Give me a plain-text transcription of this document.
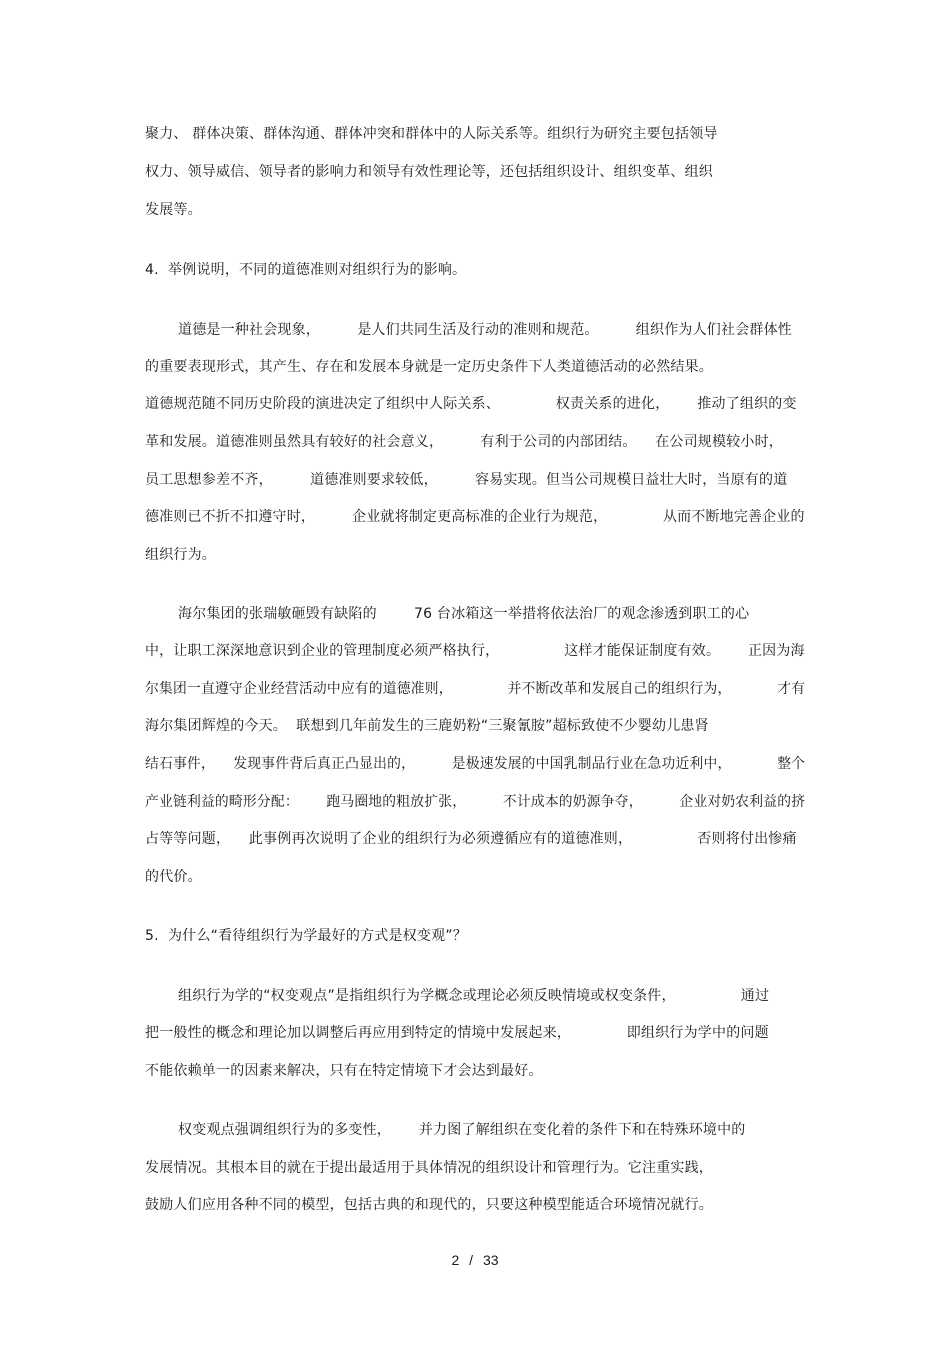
聚力、 群体决策、群体沟通、群体冲突和群体中的人际关系等。组织行为研究主要包括领导
权力、领导威信、领导者的影响力和领导有效性理论等，还包括组织设计、组织变革、组织
发展等。
4.  举例说明，不同的道德准则对组织行为的影响。
道德是一种社会现象，        是人们共同生活及行动的准则和规范。        组织作为人们社会群体性
的重要表现形式，其产生、存在和发展本身就是一定历史条件下人类道德活动的必然结果。
道德规范随不同历史阶段的演进决定了组织中人际关系、            权责关系的进化，      推动了组织的变
革和发展。道德准则虽然具有较好的社会意义，        有利于公司的内部团结。    在公司规模较小时，
员工思想参差不齐，        道德准则要求较低，        容易实现。但当公司规模日益壮大时，当原有的道
德准则已不折不扣遵守时，        企业就将制定更高标准的企业行为规范，            从而不断地完善企业的
组织行为。
海尔集团的张瑞敏砸毁有缺陷的        76 台冰箱这一举措将依法治厂的观念渗透到职工的心
中，让职工深深地意识到企业的管理制度必须严格执行，              这样才能保证制度有效。      正因为海
尔集团一直遵守企业经营活动中应有的道德准则，            并不断改革和发展自己的组织行为，          才有
海尔集团辉煌的今天。  联想到几年前发生的三鹿奶粉“三聚氰胺”超标致使不少婴幼儿患肾
结石事件，    发现事件背后真正凸显出的，        是极速发展的中国乳制品行业在急功近利中，          整个
产业链利益的畸形分配：      跑马圈地的粗放扩张，        不计成本的奶源争夺，        企业对奶农利益的挤
占等等问题，    此事例再次说明了企业的组织行为必须遵循应有的道德准则，              否则将付出惨痛
的代价。
5.  为什么“看待组织行为学最好的方式是权变观”？
组织行为学的“权变观点”是指组织行为学概念或理论必须反映情境或权变条件，              通过
把一般性的概念和理论加以调整后再应用到特定的情境中发展起来，            即组织行为学中的问题
不能依赖单一的因素来解决，只有在特定情境下才会达到最好。
权变观点强调组织行为的多变性，      并力图了解组织在变化着的条件下和在特殊环境中的
发展情况。其根本目的就在于提出最适用于具体情况的组织设计和管理行为。它注重实践，
鼓励人们应用各种不同的模型，包括古典的和现代的，只要这种模型能适合环境情况就行。
2 / 33
